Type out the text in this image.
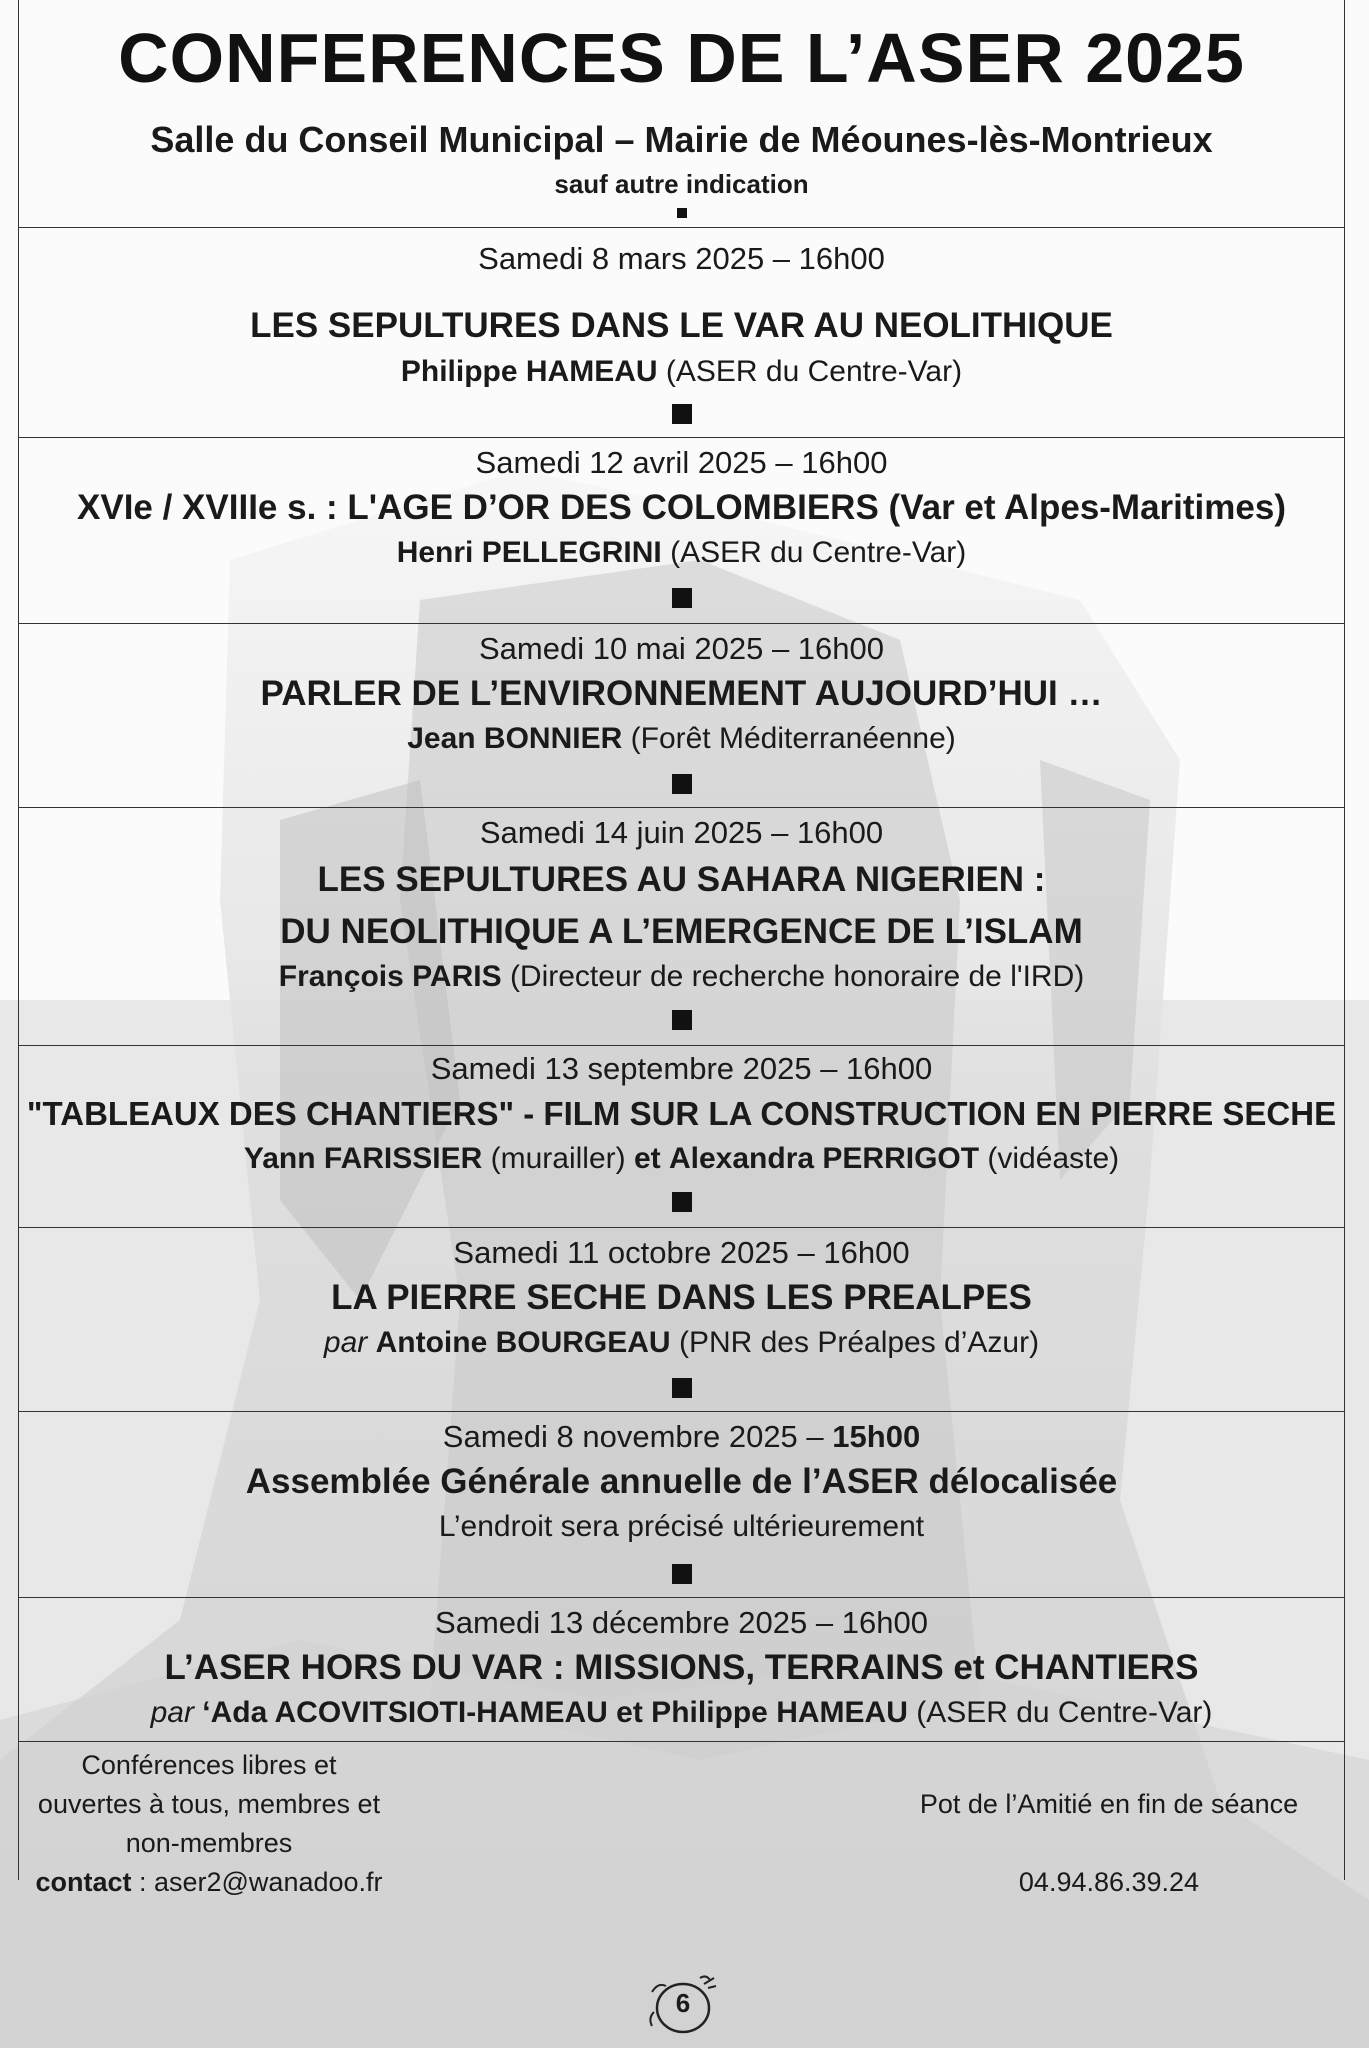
CONFERENCES DE L’ASER 2025
Salle du Conseil Municipal – Mairie de Méounes-lès-Montrieux
sauf autre indication
Samedi 8 mars 2025 – 16h00
LES SEPULTURES DANS LE VAR AU NEOLITHIQUE
Philippe HAMEAU (ASER du Centre-Var)
Samedi 12 avril 2025 – 16h00
XVIe / XVIIIe s. : L'AGE D’OR DES COLOMBIERS (Var et Alpes-Maritimes)
Henri PELLEGRINI (ASER du Centre-Var)
Samedi 10 mai 2025 – 16h00
PARLER DE L’ENVIRONNEMENT AUJOURD’HUI …
Jean BONNIER (Forêt Méditerranéenne)
Samedi 14 juin 2025 – 16h00
LES SEPULTURES AU SAHARA NIGERIEN :
DU NEOLITHIQUE A L’EMERGENCE DE L’ISLAM
François PARIS (Directeur de recherche honoraire de l'IRD)
Samedi 13 septembre 2025 – 16h00
"TABLEAUX DES CHANTIERS" - FILM SUR LA CONSTRUCTION EN PIERRE SECHE
Yann FARISSIER (murailler) et Alexandra PERRIGOT (vidéaste)
Samedi 11 octobre 2025 – 16h00
LA PIERRE SECHE DANS LES PREALPES
par Antoine BOURGEAU (PNR des Préalpes d’Azur)
Samedi 8 novembre 2025 – 15h00
Assemblée Générale annuelle de l’ASER délocalisée
L’endroit sera précisé ultérieurement
Samedi 13 décembre 2025 – 16h00
L’ASER HORS DU VAR : MISSIONS, TERRAINS et CHANTIERS
par ‘Ada ACOVITSIOTI-HAMEAU et Philippe HAMEAU (ASER du Centre-Var)
Conférences libres et
ouvertes à tous, membres et
non-membres
contact : aser2@wanadoo.fr
Pot de l’Amitié en fin de séance
04.94.86.39.24
6
